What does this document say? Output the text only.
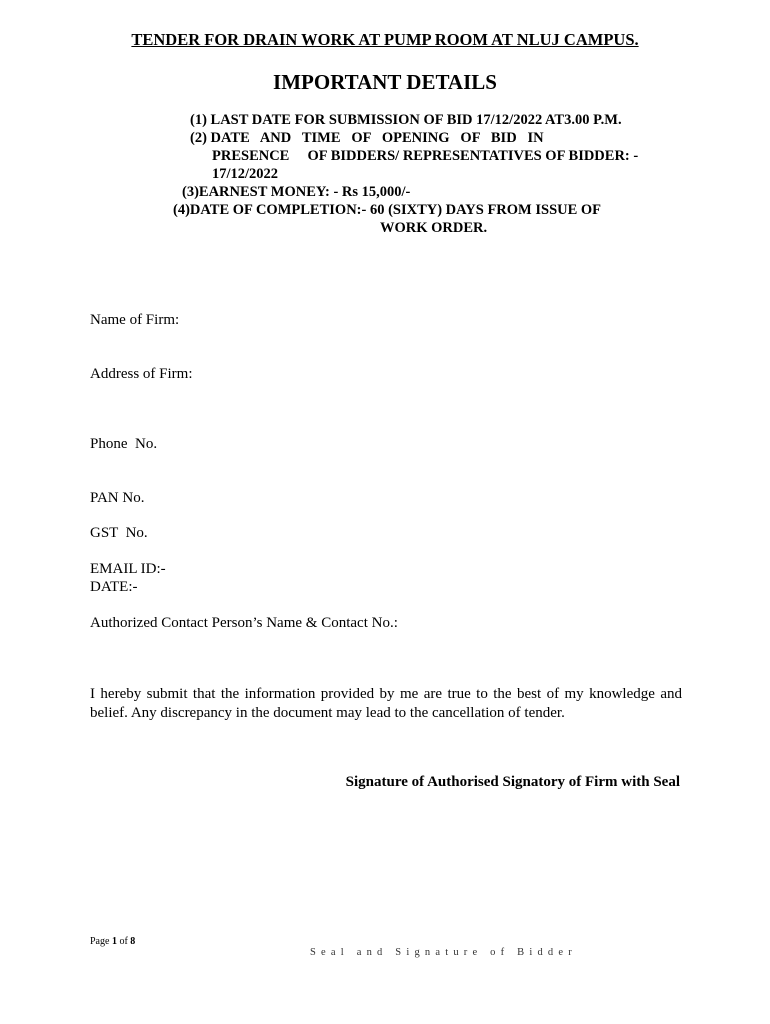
TENDER FOR DRAIN WORK AT PUMP ROOM AT NLUJ CAMPUS.
IMPORTANT DETAILS
(1) LAST DATE FOR SUBMISSION OF BID 17/12/2022 AT3.00 P.M.
(2) DATE   AND   TIME   OF   OPENING   OF   BID   IN
PRESENCE     OF BIDDERS/ REPRESENTATIVES OF BIDDER: -
17/12/2022
(3)EARNEST MONEY: - Rs 15,000/-
(4)DATE OF COMPLETION:- 60 (SIXTY) DAYS FROM ISSUE OF
WORK ORDER.
Name of Firm:
Address of Firm:
Phone  No.
PAN No.
GST  No.
EMAIL ID:-
DATE:-
Authorized Contact Person’s Name & Contact No.:
I hereby submit that the information provided by me are true to the best of my knowledge and belief. Any discrepancy in the document may lead to the cancellation of tender.
Signature of Authorised Signatory of Firm with Seal
Page 1 of 8
Seal and Signature of Bidder
